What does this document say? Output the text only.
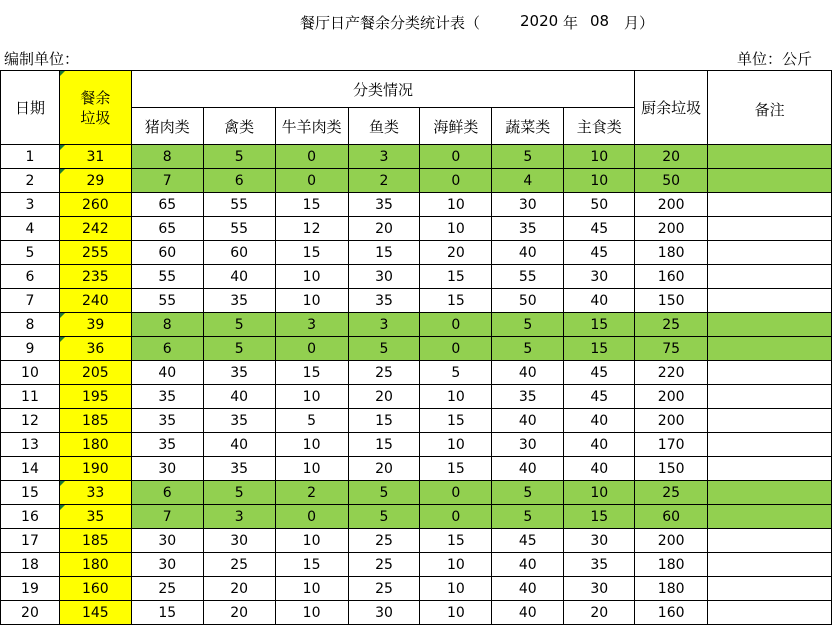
餐厅日产餐余分类统计表（	2020 年 08 月）
编制单位：	单位：公斤
日期	餐余
垃圾	分类情况							厨余垃圾	备注
		猪肉类	禽类	牛羊肉类	鱼类	海鲜类	蔬菜类	主食类		
1	31	8	5	0	3	0	5	10	20	
2	29	7	6	0	2	0	4	10	50	
3	260	65	55	15	35	10	30	50	200	
4	242	65	55	12	20	10	35	45	200	
5	255	60	60	15	15	20	40	45	180	
6	235	55	40	10	30	15	55	30	160	
7	240	55	35	10	35	15	50	40	150	
8	39	8	5	3	3	0	5	15	25	
9	36	6	5	0	5	0	5	15	75	
10	205	40	35	15	25	5	40	45	220	
11	195	35	40	10	20	10	35	45	200	
12	185	35	35	5	15	15	40	40	200	
13	180	35	40	10	15	10	30	40	170	
14	190	30	35	10	20	15	40	40	150	
15	33	6	5	2	5	0	5	10	25	
16	35	7	3	0	5	0	5	15	60	
17	185	30	30	10	25	15	45	30	200	
18	180	30	25	15	25	10	40	35	180	
19	160	25	20	10	25	10	40	30	180	
20	145	15	20	10	30	10	40	20	160	
